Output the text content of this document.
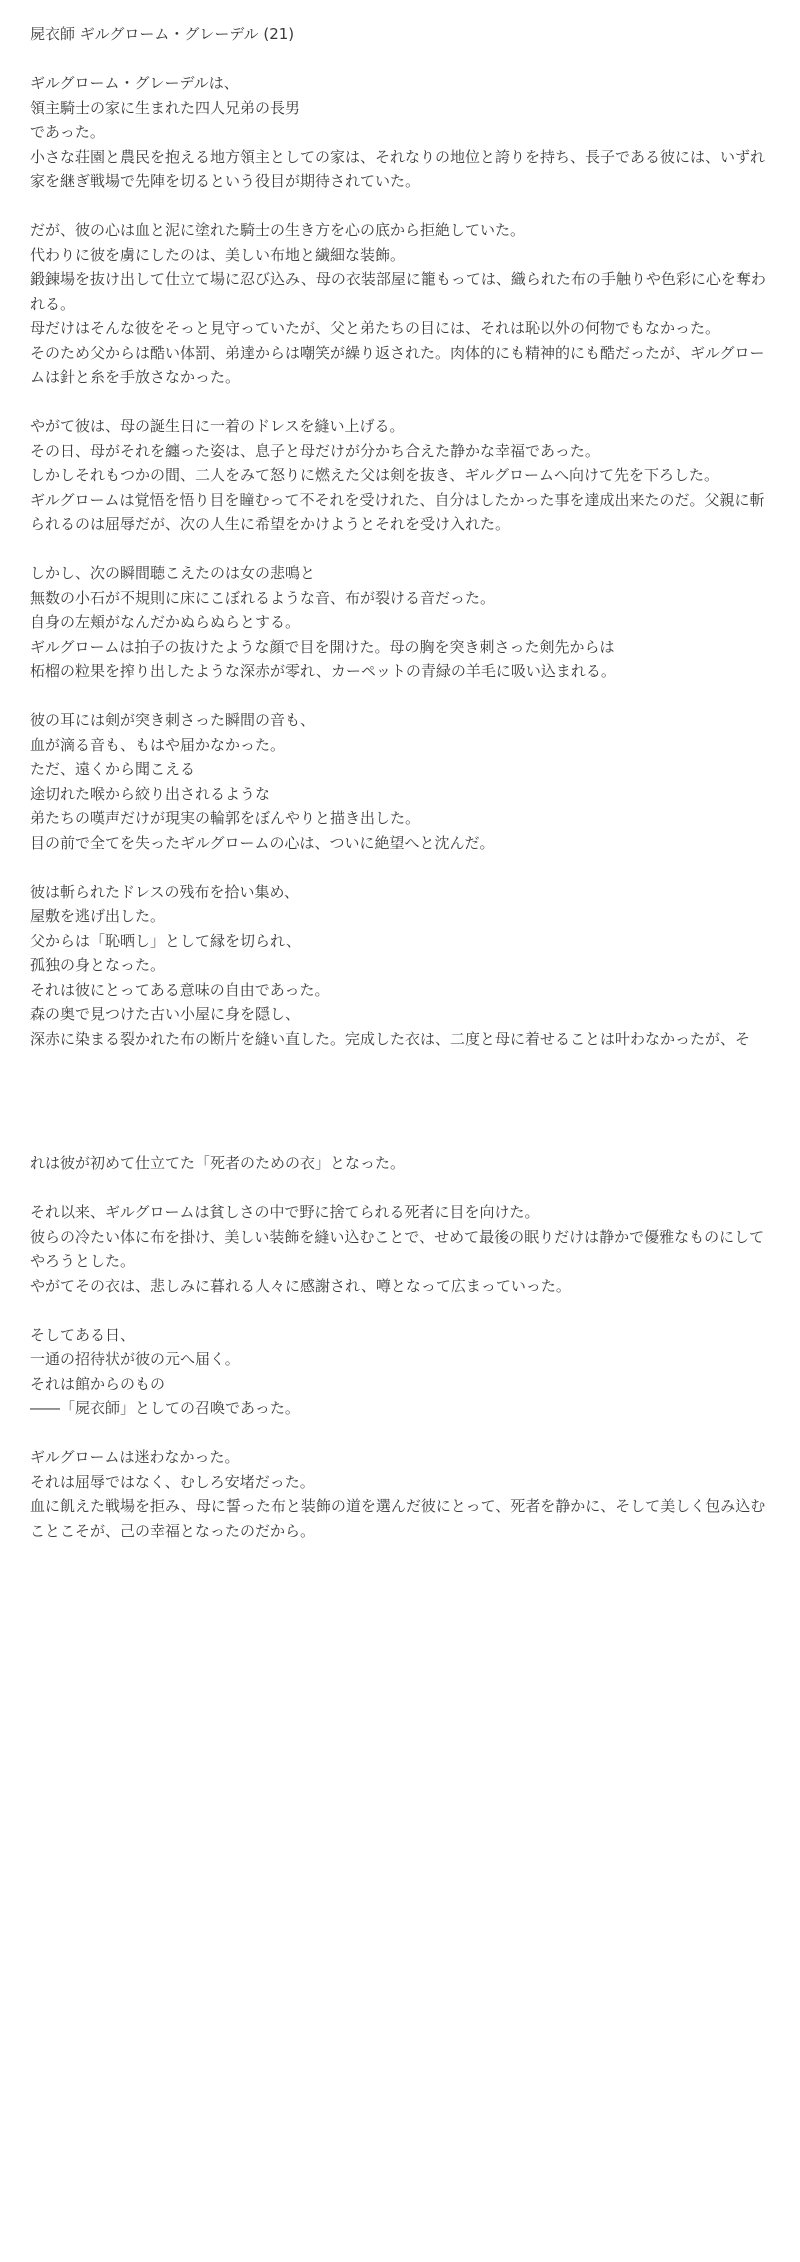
屍衣師 ギルグローム・グレーデル (21)

ギルグローム・グレーデルは、

領主騎士の家に生まれた四人兄弟の長男

であった。

小さな荘園と農民を抱える地方領主としての家は、それなりの地位と誇りを持ち、長子である彼には、いずれ家を継ぎ戦場で先陣を切るという役目が期待されていた。

だが、彼の心は血と泥に塗れた騎士の生き方を心の底から拒絶していた。

代わりに彼を虜にしたのは、美しい布地と繊細な装飾。

鍛錬場を抜け出して仕立て場に忍び込み、母の衣装部屋に籠もっては、織られた布の手触りや色彩に心を奪われる。

母だけはそんな彼をそっと見守っていたが、父と弟たちの目には、それは恥以外の何物でもなかった。

そのため父からは酷い体罰、弟達からは嘲笑が繰り返された。肉体的にも精神的にも酷だったが、ギルグロームは針と糸を手放さなかった。

やがて彼は、母の誕生日に一着のドレスを縫い上げる。

その日、母がそれを纏った姿は、息子と母だけが分かち合えた静かな幸福であった。

しかしそれもつかの間、二人をみて怒りに燃えた父は剣を抜き、ギルグロームへ向けて先を下ろした。

ギルグロームは覚悟を悟り目を瞳むって不それを受けれた、自分はしたかった事を達成出来たのだ。父親に斬られるのは屈辱だが、次の人生に希望をかけようとそれを受け入れた。

しかし、次の瞬間聴こえたのは女の悲鳴と

無数の小石が不規則に床にこぼれるような音、布が裂ける音だった。

自身の左頬がなんだかぬらぬらとする。

ギルグロームは拍子の抜けたような顔で目を開けた。母の胸を突き刺さった剣先からは

柘榴の粒果を搾り出したような深赤が零れ、カーペットの青緑の羊毛に吸い込まれる。

彼の耳には剣が突き刺さった瞬間の音も、

血が滴る音も、もはや届かなかった。

ただ、遠くから聞こえる

途切れた喉から絞り出されるような

弟たちの嘆声だけが現実の輪郭をぼんやりと描き出した。

目の前で全てを失ったギルグロームの心は、ついに絶望へと沈んだ。

彼は斬られたドレスの残布を拾い集め、

屋敷を逃げ出した。

父からは「恥晒し」として縁を切られ、

孤独の身となった。

それは彼にとってある意味の自由であった。

森の奥で見つけた古い小屋に身を隠し、

深赤に染まる裂かれた布の断片を縫い直した。完成した衣は、二度と母に着せることは叶わなかったが、そ

れは彼が初めて仕立てた「死者のための衣」となった。

それ以来、ギルグロームは貧しさの中で野に捨てられる死者に目を向けた。

彼らの冷たい体に布を掛け、美しい装飾を縫い込むことで、せめて最後の眠りだけは静かで優雅なものにしてやろうとした。

やがてその衣は、悲しみに暮れる人々に感謝され、噂となって広まっていった。

そしてある日、

一通の招待状が彼の元へ届く。

それは館からのもの

――「屍衣師」としての召喚であった。

ギルグロームは迷わなかった。

それは屈辱ではなく、むしろ安堵だった。

血に飢えた戦場を拒み、母に誓った布と装飾の道を選んだ彼にとって、死者を静かに、そして美しく包み込むことこそが、己の幸福となったのだから。
